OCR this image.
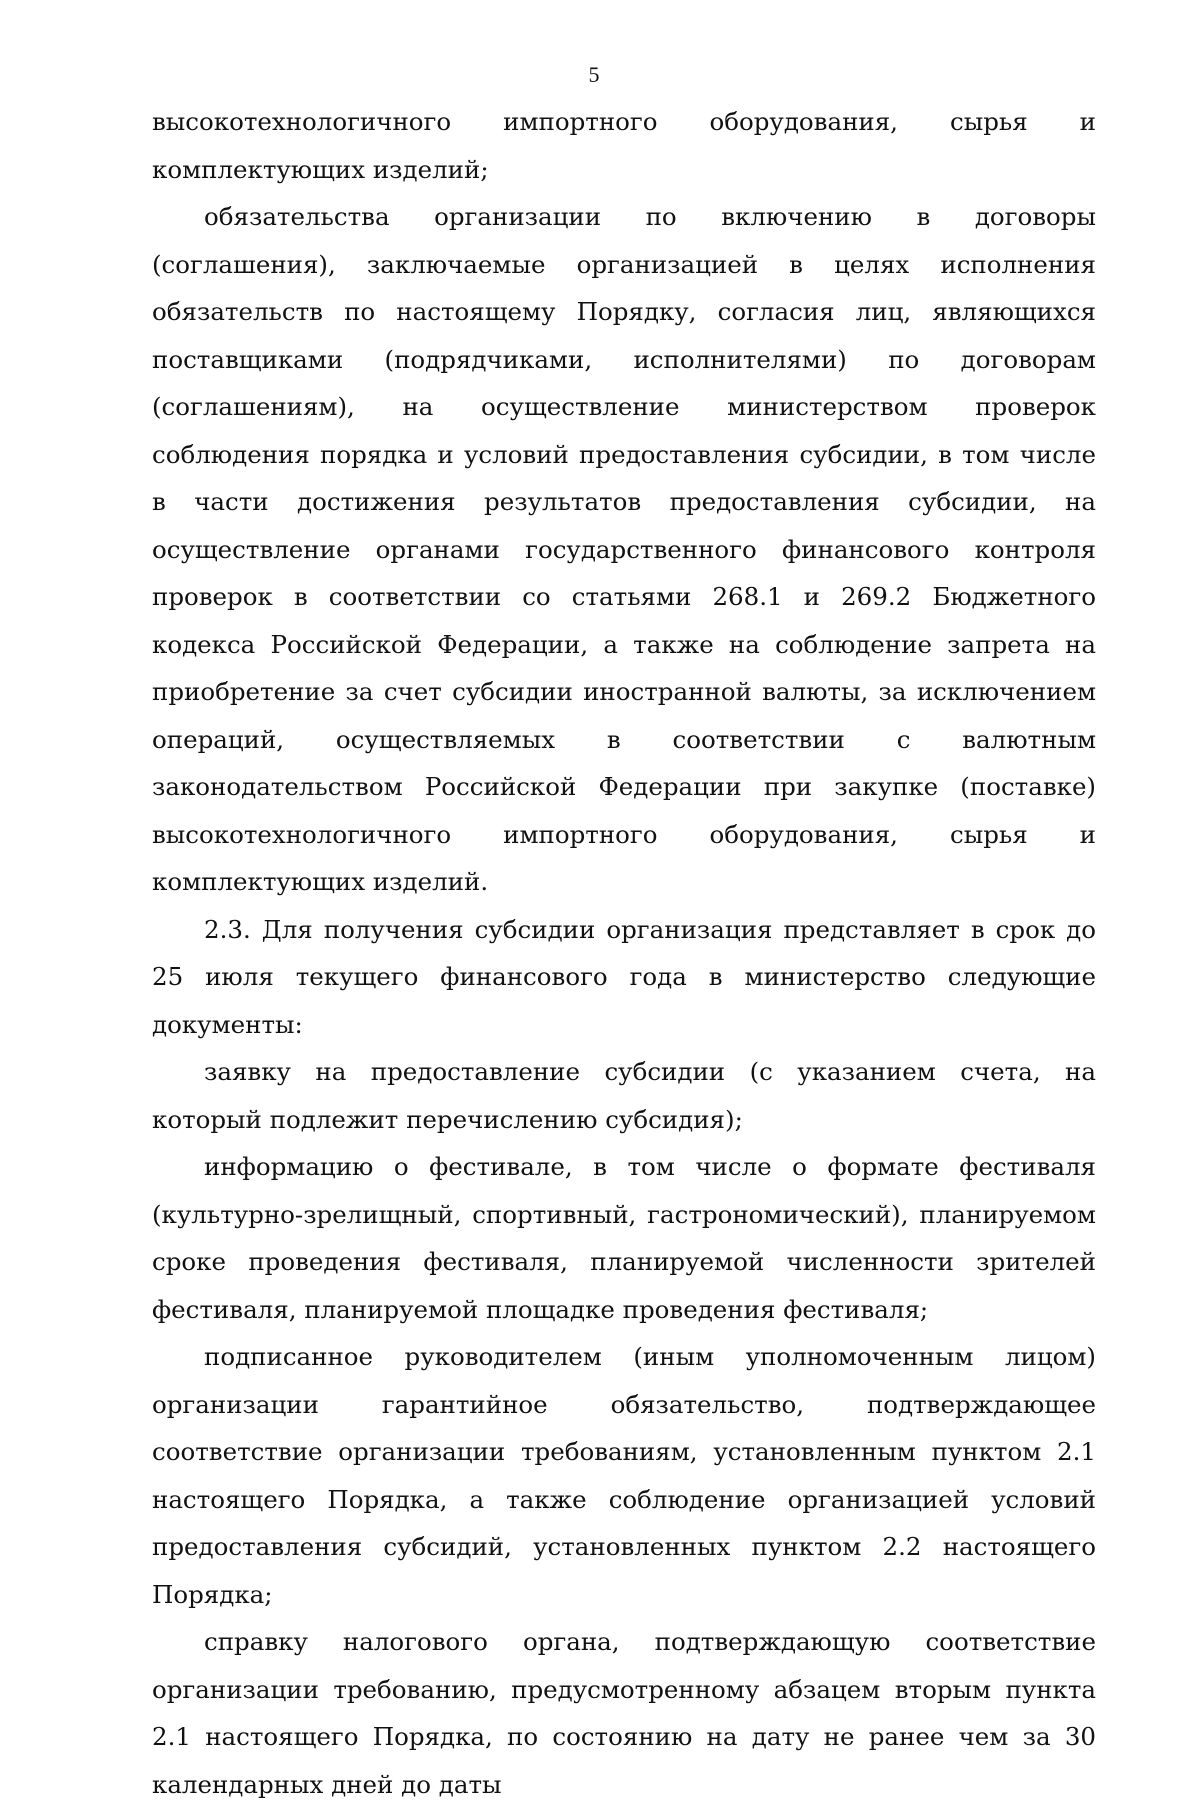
5

высокотехнологичного импортного оборудования, сырья и комплектующих изделий;

обязательства организации по включению в договоры (соглашения), заключаемые организацией в целях исполнения обязательств по настоящему Порядку, согласия лиц, являющихся поставщиками (подрядчиками, исполнителями) по договорам (соглашениям), на осуществление министерством проверок соблюдения порядка и условий предоставления субсидии, в том числе в части достижения результатов предоставления субсидии, на осуществление органами государственного финансового контроля проверок в соответствии со статьями 268.1 и 269.2 Бюджетного кодекса Российской Федерации, а также на соблюдение запрета на приобретение за счет субсидии иностранной валюты, за исключением операций, осуществляемых в соответствии с валютным законодательством Российской Федерации при закупке (поставке) высокотехнологичного импортного оборудования, сырья и комплектующих изделий.

2.3. Для получения субсидии организация представляет в срок до 25 июля текущего финансового года в министерство следующие документы:

заявку на предоставление субсидии (с указанием счета, на который подлежит перечислению субсидия);

информацию о фестивале, в том числе о формате фестиваля (культурно-зрелищный, спортивный, гастрономический), планируемом сроке проведения фестиваля, планируемой численности зрителей фестиваля, планируемой площадке проведения фестиваля;

подписанное руководителем (иным уполномоченным лицом) организации гарантийное обязательство, подтверждающее соответствие организации требованиям, установленным пунктом 2.1 настоящего Порядка, а также соблюдение организацией условий предоставления субсидий, установленных пунктом 2.2 настоящего Порядка;

справку налогового органа, подтверждающую соответствие организации требованию, предусмотренному абзацем вторым пункта 2.1 настоящего Порядка, по состоянию на дату не ранее чем за 30 календарных дней до даты
